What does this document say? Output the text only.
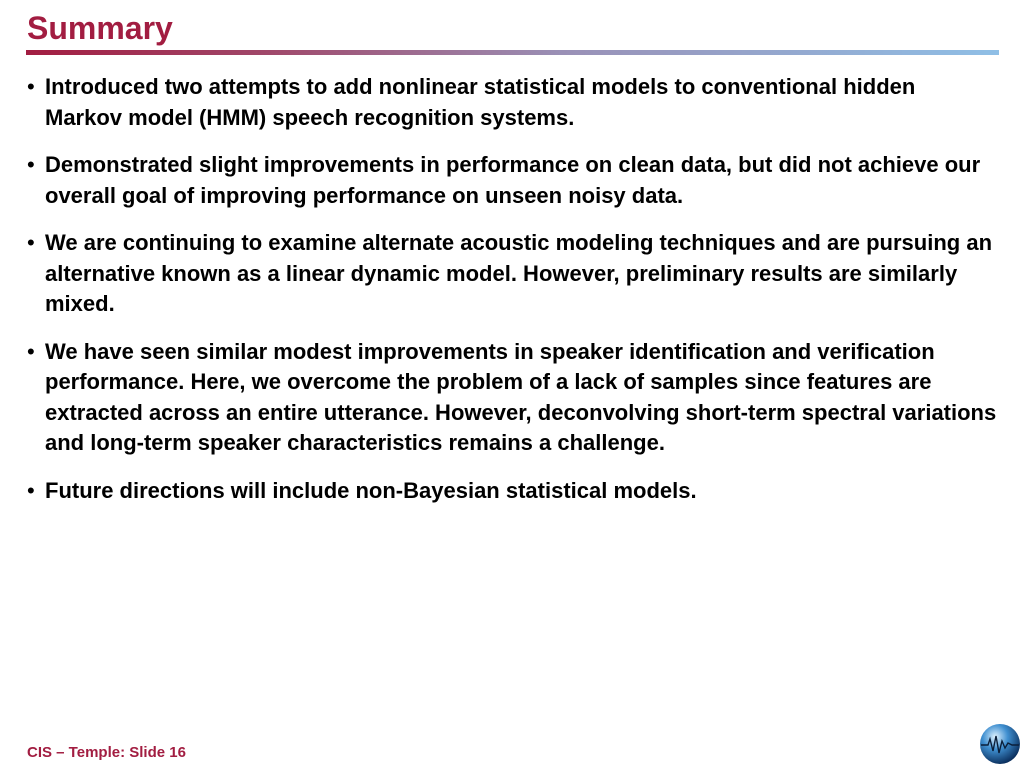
Summary
• Introduced two attempts to add nonlinear statistical models to conventional hidden Markov model (HMM) speech recognition systems.
• Demonstrated slight improvements in performance on clean data, but did not achieve our overall goal of improving performance on unseen noisy data.
• We are continuing to examine alternate acoustic modeling techniques and are pursuing an alternative known as a linear dynamic model. However, preliminary results are similarly mixed.
• We have seen similar modest improvements in speaker identification and verification performance. Here, we overcome the problem of a lack of samples since features are extracted across an entire utterance. However, deconvolving short-term spectral variations and long-term speaker characteristics remains a challenge.
• Future directions will include non-Bayesian statistical models.
CIS – Temple: Slide 16
